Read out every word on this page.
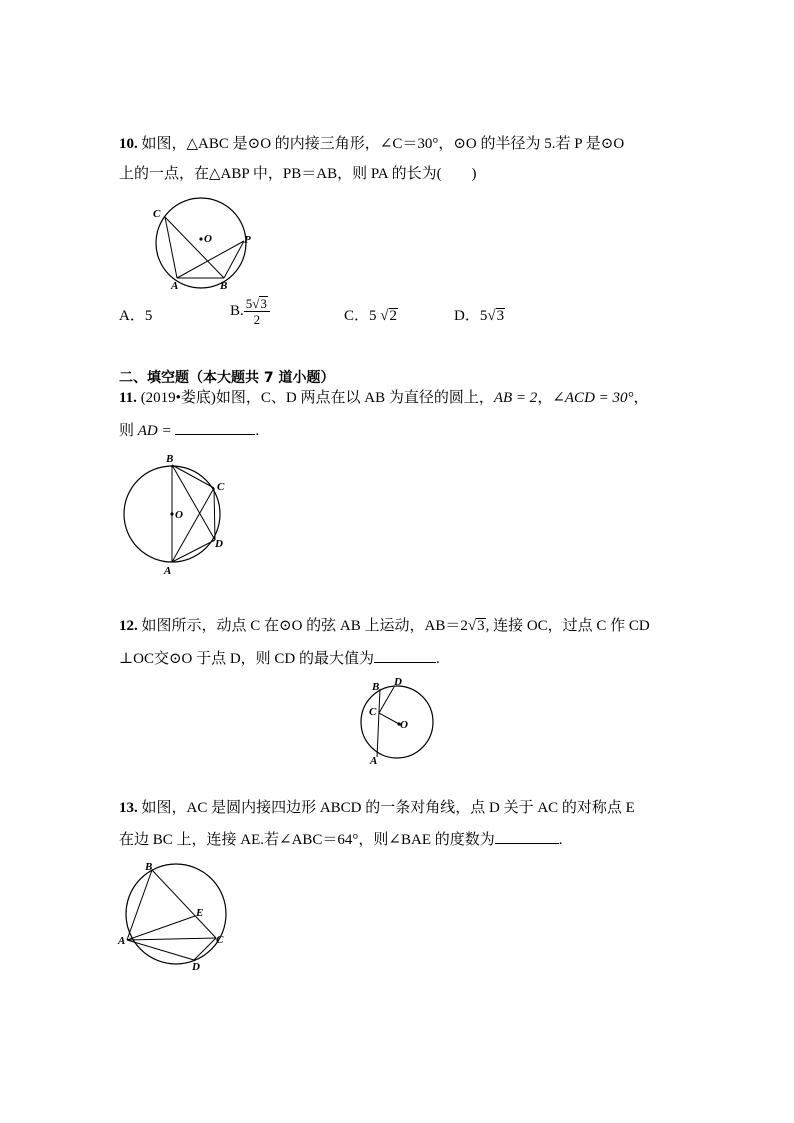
10. 如图，△ABC 是⊙O 的内接三角形，∠C＝30°，⊙O 的半径为 5.若 P 是⊙O
上的一点，在△ABP 中，PB＝AB，则 PA 的长为(　　)
C
O	P
A	B
A．5	B. $\frac{5√3}{2}$	C．5 √2	D．5√3
二、填空题（本大题共 7 道小题）
11. (2019•娄底)如图，C、D 两点在以 AB 为直径的圆上，AB = 2，∠ACD = 30°，
则 AD =	.
B
C
O
D
A
12. 如图所示，动点 C 在⊙O 的弦 AB 上运动，AB＝2√3, 连接 OC，过点 C 作 CD
⊥OC交⊙O 于点 D，则 CD 的最大值为	.
B D
C
O
A
13. 如图，AC 是圆内接四边形 ABCD 的一条对角线，点 D 关于 AC 的对称点 E
在边 BC 上，连接 AE.若∠ABC＝64°，则∠BAE 的度数为	.
B
E
A	C
D
